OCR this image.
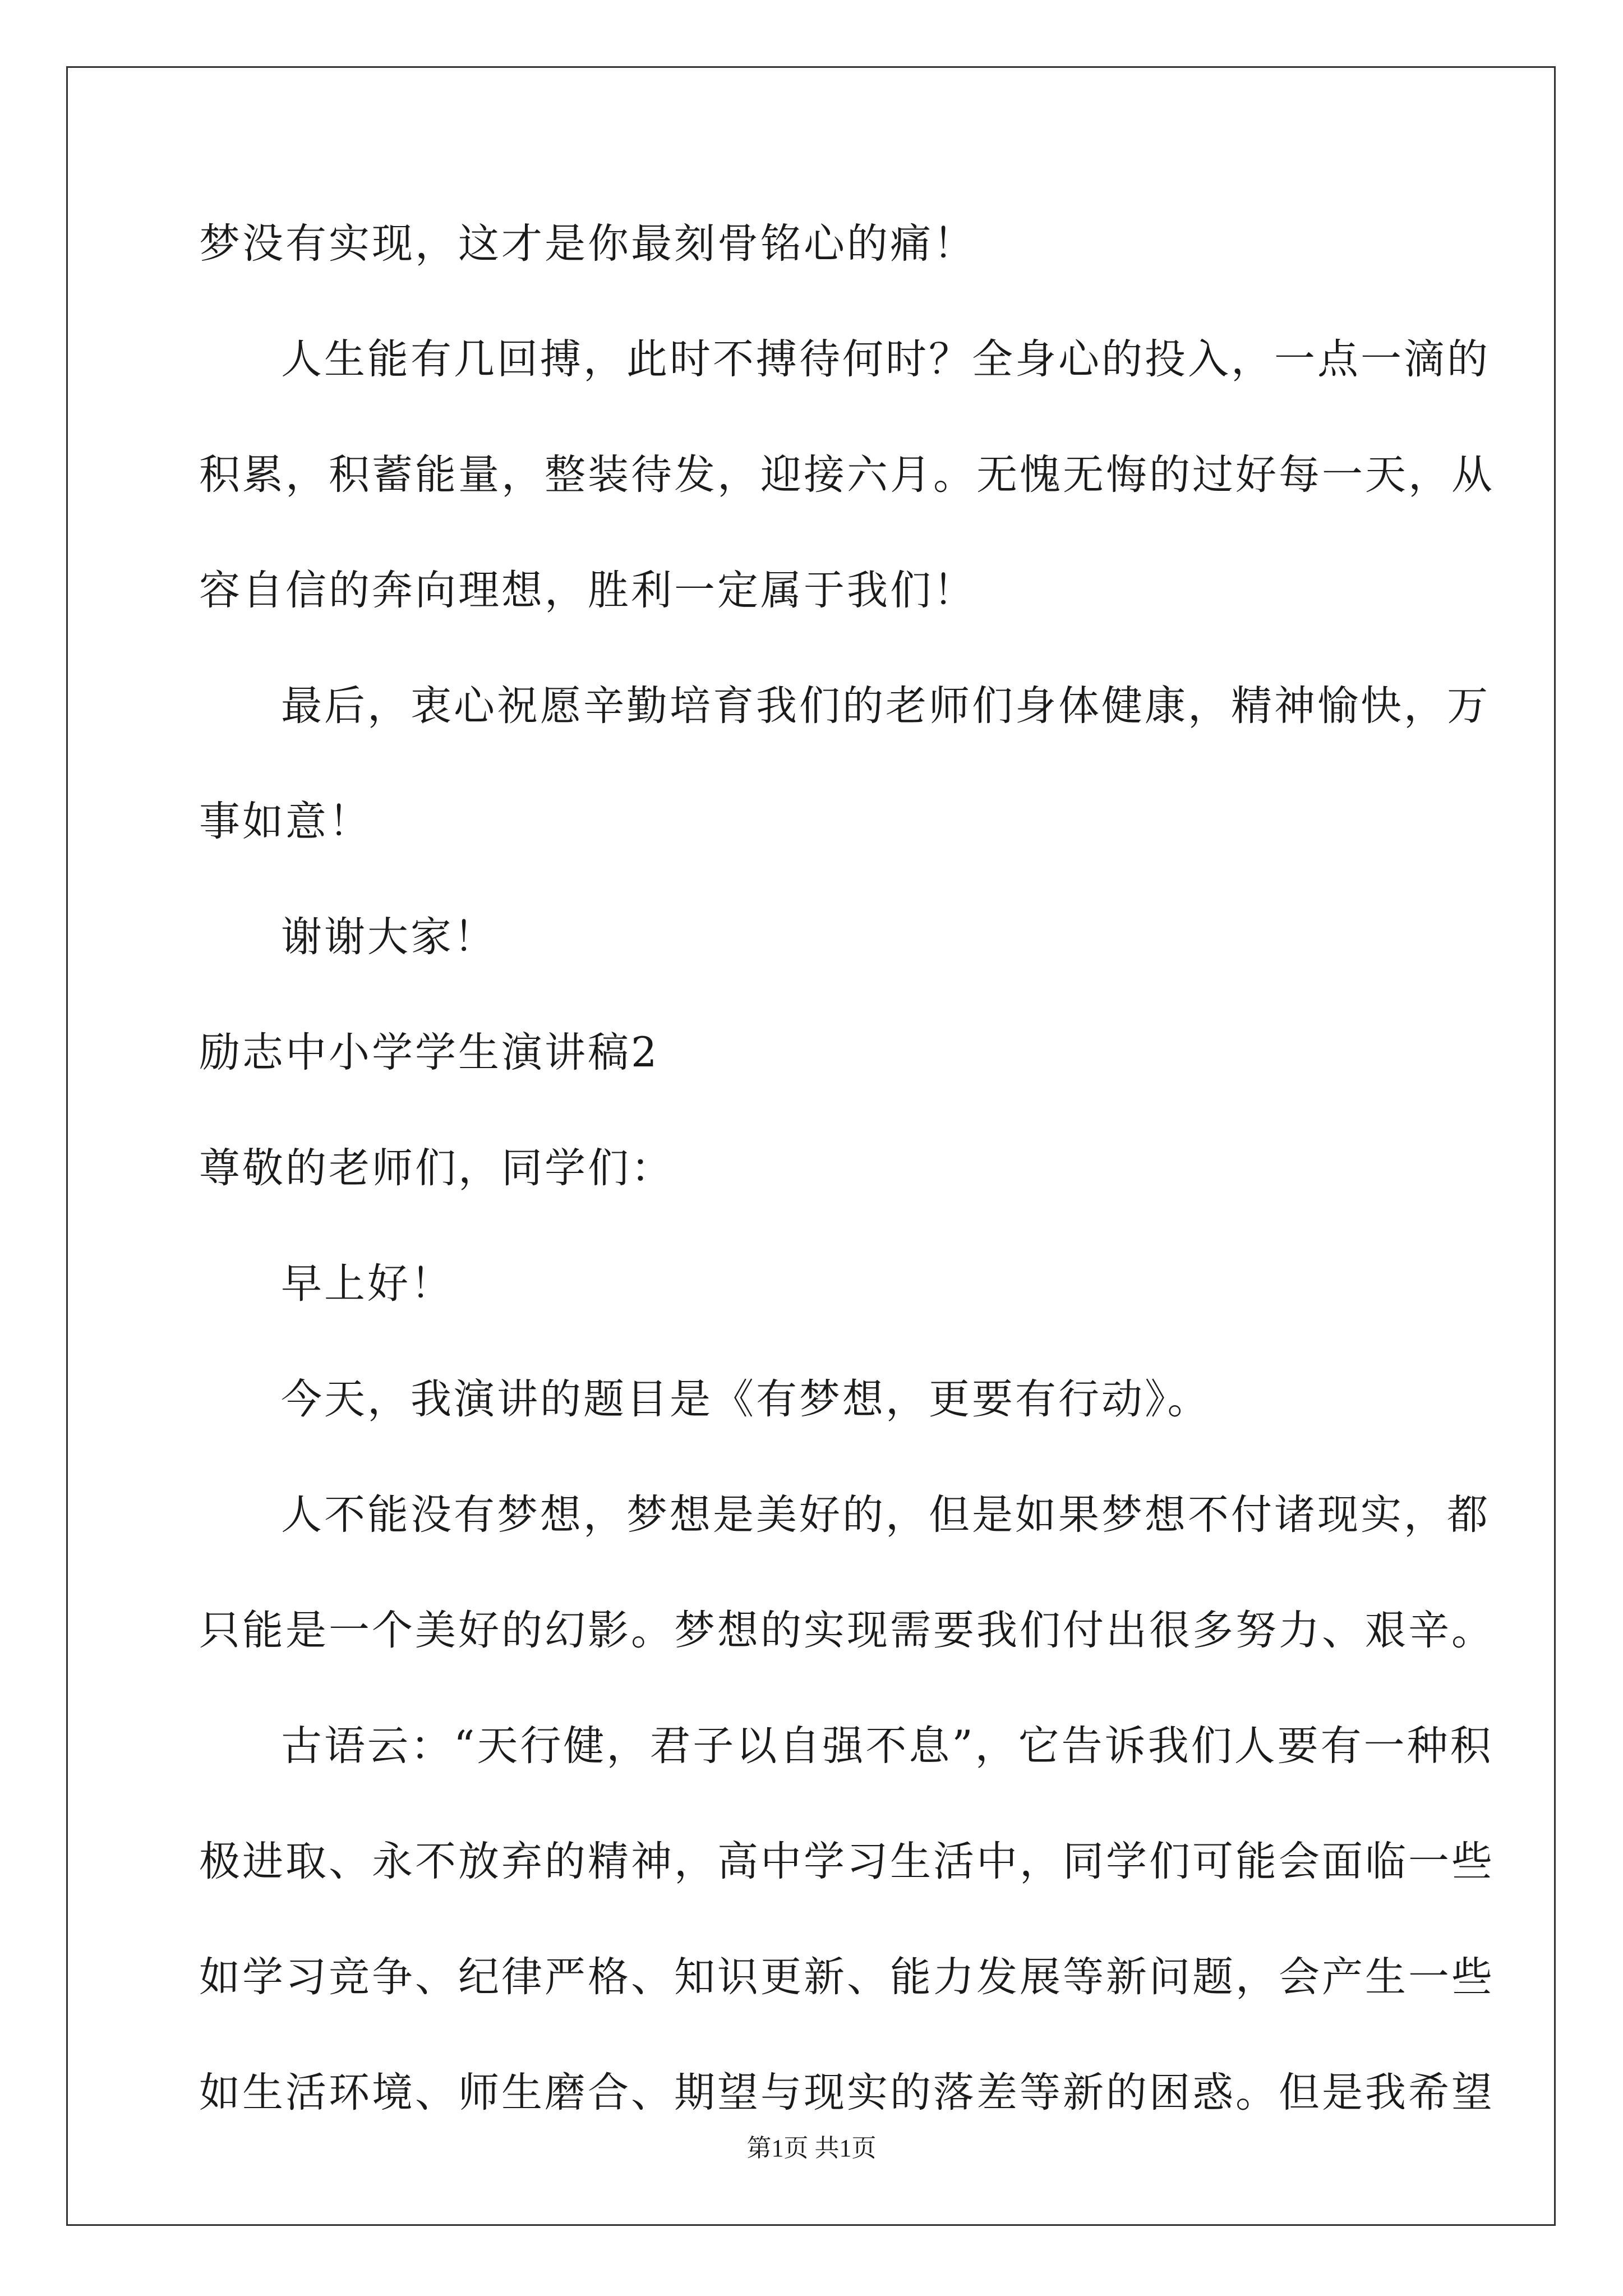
梦没有实现，这才是你最刻骨铭心的痛！
人生能有几回搏，此时不搏待何时？全身心的投入，一点一滴的
积累，积蓄能量，整装待发，迎接六月。无愧无悔的过好每一天，从
容自信的奔向理想，胜利一定属于我们！
最后，衷心祝愿辛勤培育我们的老师们身体健康，精神愉快，万
事如意！
谢谢大家！
励志中小学学生演讲稿2
尊敬的老师们，同学们：
早上好！
今天，我演讲的题目是《有梦想，更要有行动》。
人不能没有梦想，梦想是美好的，但是如果梦想不付诸现实，都
只能是一个美好的幻影。梦想的实现需要我们付出很多努力、艰辛。
古语云：“天行健，君子以自强不息”，它告诉我们人要有一种积
极进取、永不放弃的精神，高中学习生活中，同学们可能会面临一些
如学习竞争、纪律严格、知识更新、能力发展等新问题，会产生一些
如生活环境、师生磨合、期望与现实的落差等新的困惑。但是我希望
第1页 共1页
